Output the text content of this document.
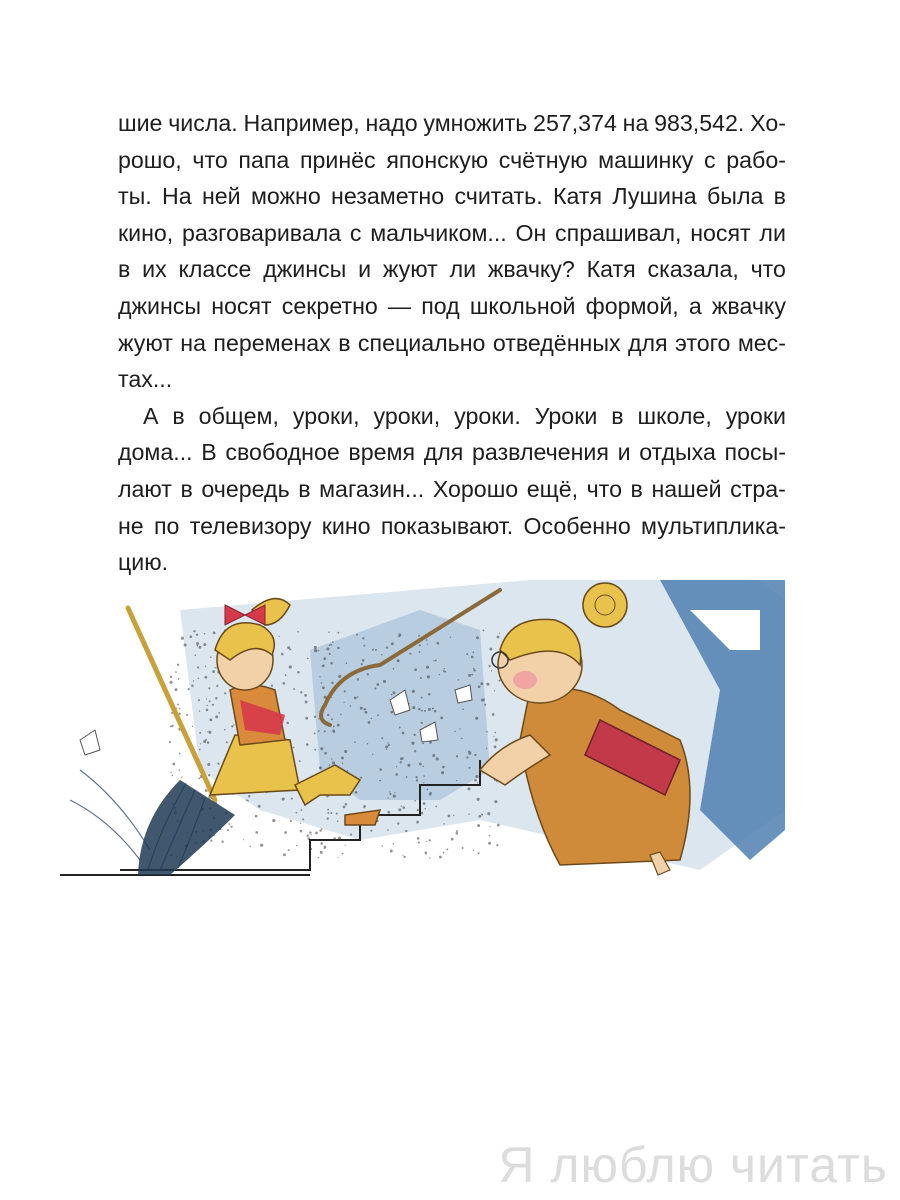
шие числа. Например, надо умножить 257,374 на 983,542. Хо-
рошо, что папа принёс японскую счётную машинку с рабо-
ты. На ней можно незаметно считать. Катя Лушина была в
кино, разговаривала с мальчиком... Он спрашивал, носят ли
в их классе джинсы и жуют ли жвачку? Катя сказала, что
джинсы носят секретно — под школьной формой, а жвачку
жуют на переменах в специально отведённых для этого мес-
тах...
А в общем, уроки, уроки, уроки. Уроки в школе, уроки
дома... В свободное время для развлечения и отдыха посы-
лают в очередь в магазин... Хорошо ещё, что в нашей стра-
не по телевизору кино показывают. Особенно мультиплика-
цию.
Я люблю читать
